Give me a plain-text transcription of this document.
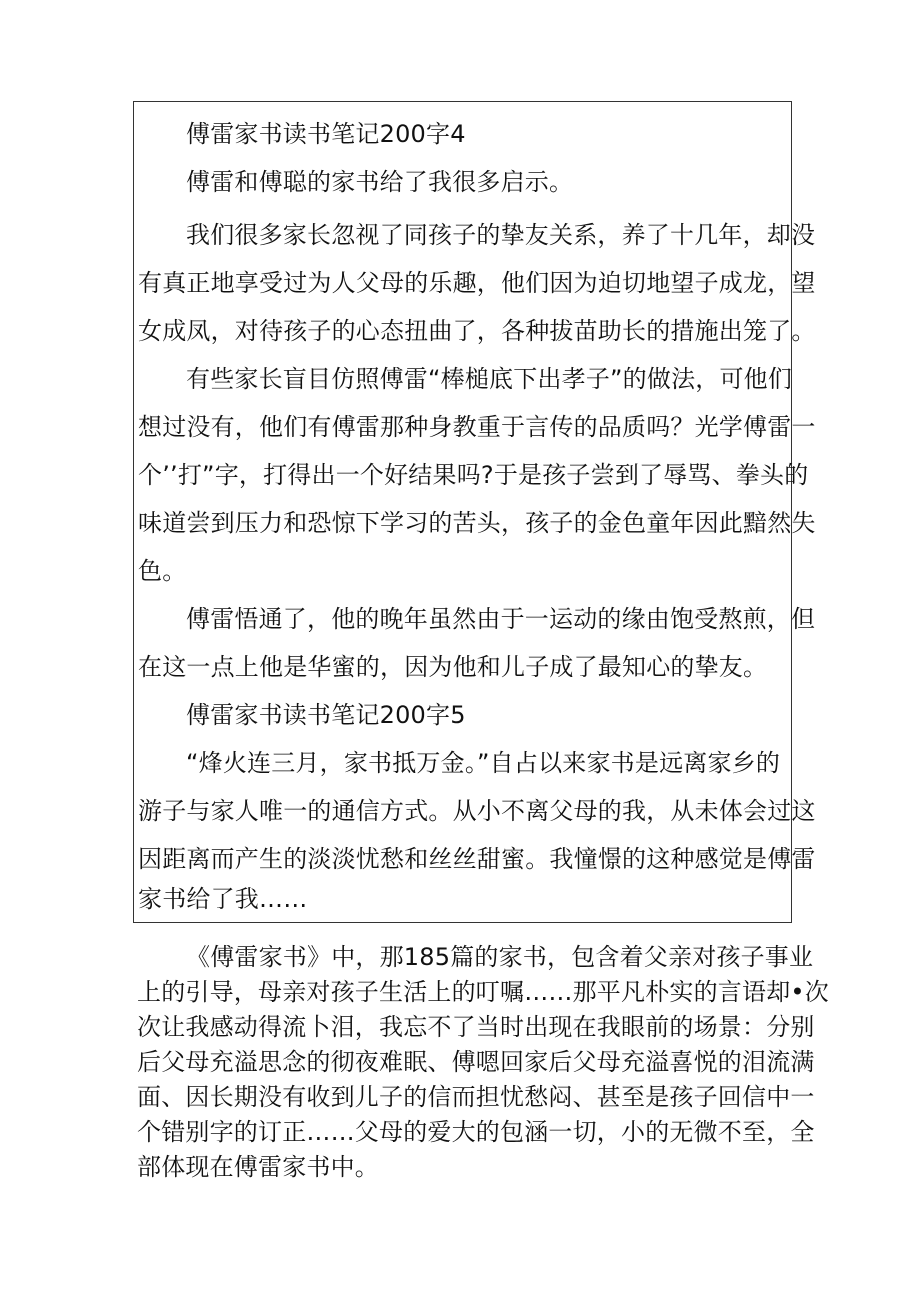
傅雷家书读书笔记200字4
傅雷和傅聪的家书给了我很多启示。
我们很多家长忽视了同孩子的挚友关系，养了十几年，却没
有真正地享受过为人父母的乐趣，他们因为迫切地望子成龙，望
女成凤，对待孩子的心态扭曲了，各种拔苗助长的措施出笼了。
有些家长盲目仿照傅雷“棒槌底下出孝子”的做法，可他们
想过没有，他们有傅雷那种身教重于言传的品质吗？光学傅雷一
个’’打”字，打得出一个好结果吗?于是孩子尝到了辱骂、拳头的
味道尝到压力和恐惊下学习的苦头，孩子的金色童年因此黯然失
色。
傅雷悟通了，他的晚年虽然由于一运动的缘由饱受熬煎，但
在这一点上他是华蜜的，因为他和儿子成了最知心的挚友。
傅雷家书读书笔记200字5
“烽火连三月，家书抵万金。”自占以来家书是远离家乡的
游子与家人唯一的通信方式。从小不离父母的我，从未体会过这
因距离而产生的淡淡忧愁和丝丝甜蜜。我憧憬的这种感觉是傅雷
家书给了我……
《傅雷家书》中，那185篇的家书，包含着父亲对孩子事业
上的引导，母亲对孩子生活上的叮嘱……那平凡朴实的言语却•次
次让我感动得流卜泪，我忘不了当时出现在我眼前的场景：分别
后父母充溢思念的彻夜难眠、傅嗯回家后父母充溢喜悦的泪流满
面、因长期没有收到儿子的信而担忧愁闷、甚至是孩子回信中一
个错别字的订正……父母的爱大的包涵一切，小的无微不至，全
部体现在傅雷家书中。
